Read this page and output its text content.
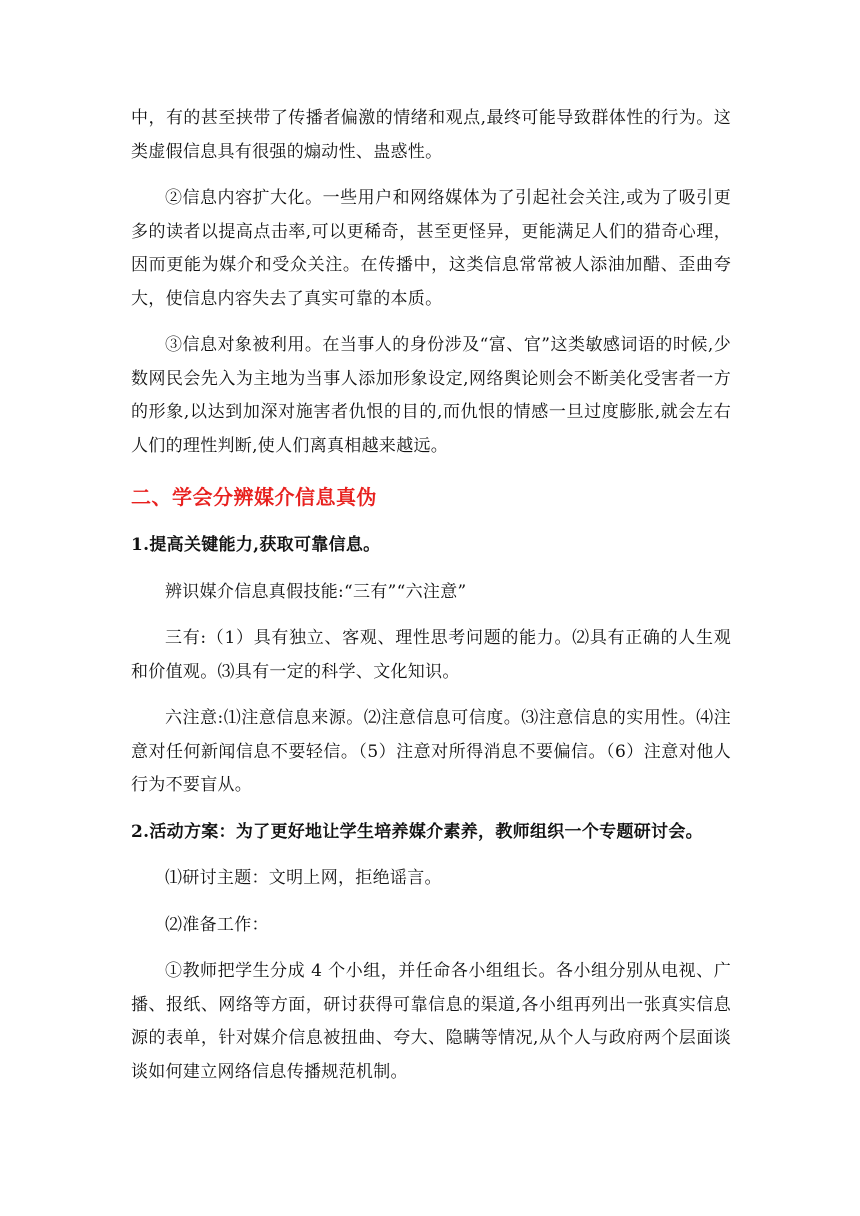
中，有的甚至挟带了传播者偏激的情绪和观点,最终可能导致群体性的行为。这类虚假信息具有很强的煽动性、蛊惑性。

②信息内容扩大化。一些用户和网络媒体为了引起社会关注,或为了吸引更多的读者以提高点击率,可以更稀奇，甚至更怪异，更能满足人们的猎奇心理，因而更能为媒介和受众关注。在传播中，这类信息常常被人添油加醋、歪曲夸大，使信息内容失去了真实可靠的本质。

③信息对象被利用。在当事人的身份涉及“富、官”这类敏感词语的时候,少数网民会先入为主地为当事人添加形象设定,网络舆论则会不断美化受害者一方的形象,以达到加深对施害者仇恨的目的,而仇恨的情感一旦过度膨胀,就会左右人们的理性判断,使人们离真相越来越远。

二、学会分辨媒介信息真伪

1.提高关键能力,获取可靠信息。

辨识媒介信息真假技能:“三有”“六注意”

三有:（1）具有独立、客观、理性思考问题的能力。⑵具有正确的人生观和价值观。⑶具有一定的科学、文化知识。

六注意:⑴注意信息来源。⑵注意信息可信度。⑶注意信息的实用性。⑷注意对任何新闻信息不要轻信。（5）注意对所得消息不要偏信。（6）注意对他人行为不要盲从。

2.活动方案：为了更好地让学生培养媒介素养，教师组织一个专题研讨会。

⑴研讨主题：文明上网，拒绝谣言。

⑵准备工作：

①教师把学生分成 4 个小组，并任命各小组组长。各小组分别从电视、广播、报纸、网络等方面，研讨获得可靠信息的渠道,各小组再列出一张真实信息源的表单，针对媒介信息被扭曲、夸大、隐瞒等情况,从个人与政府两个层面谈谈如何建立网络信息传播规范机制。
